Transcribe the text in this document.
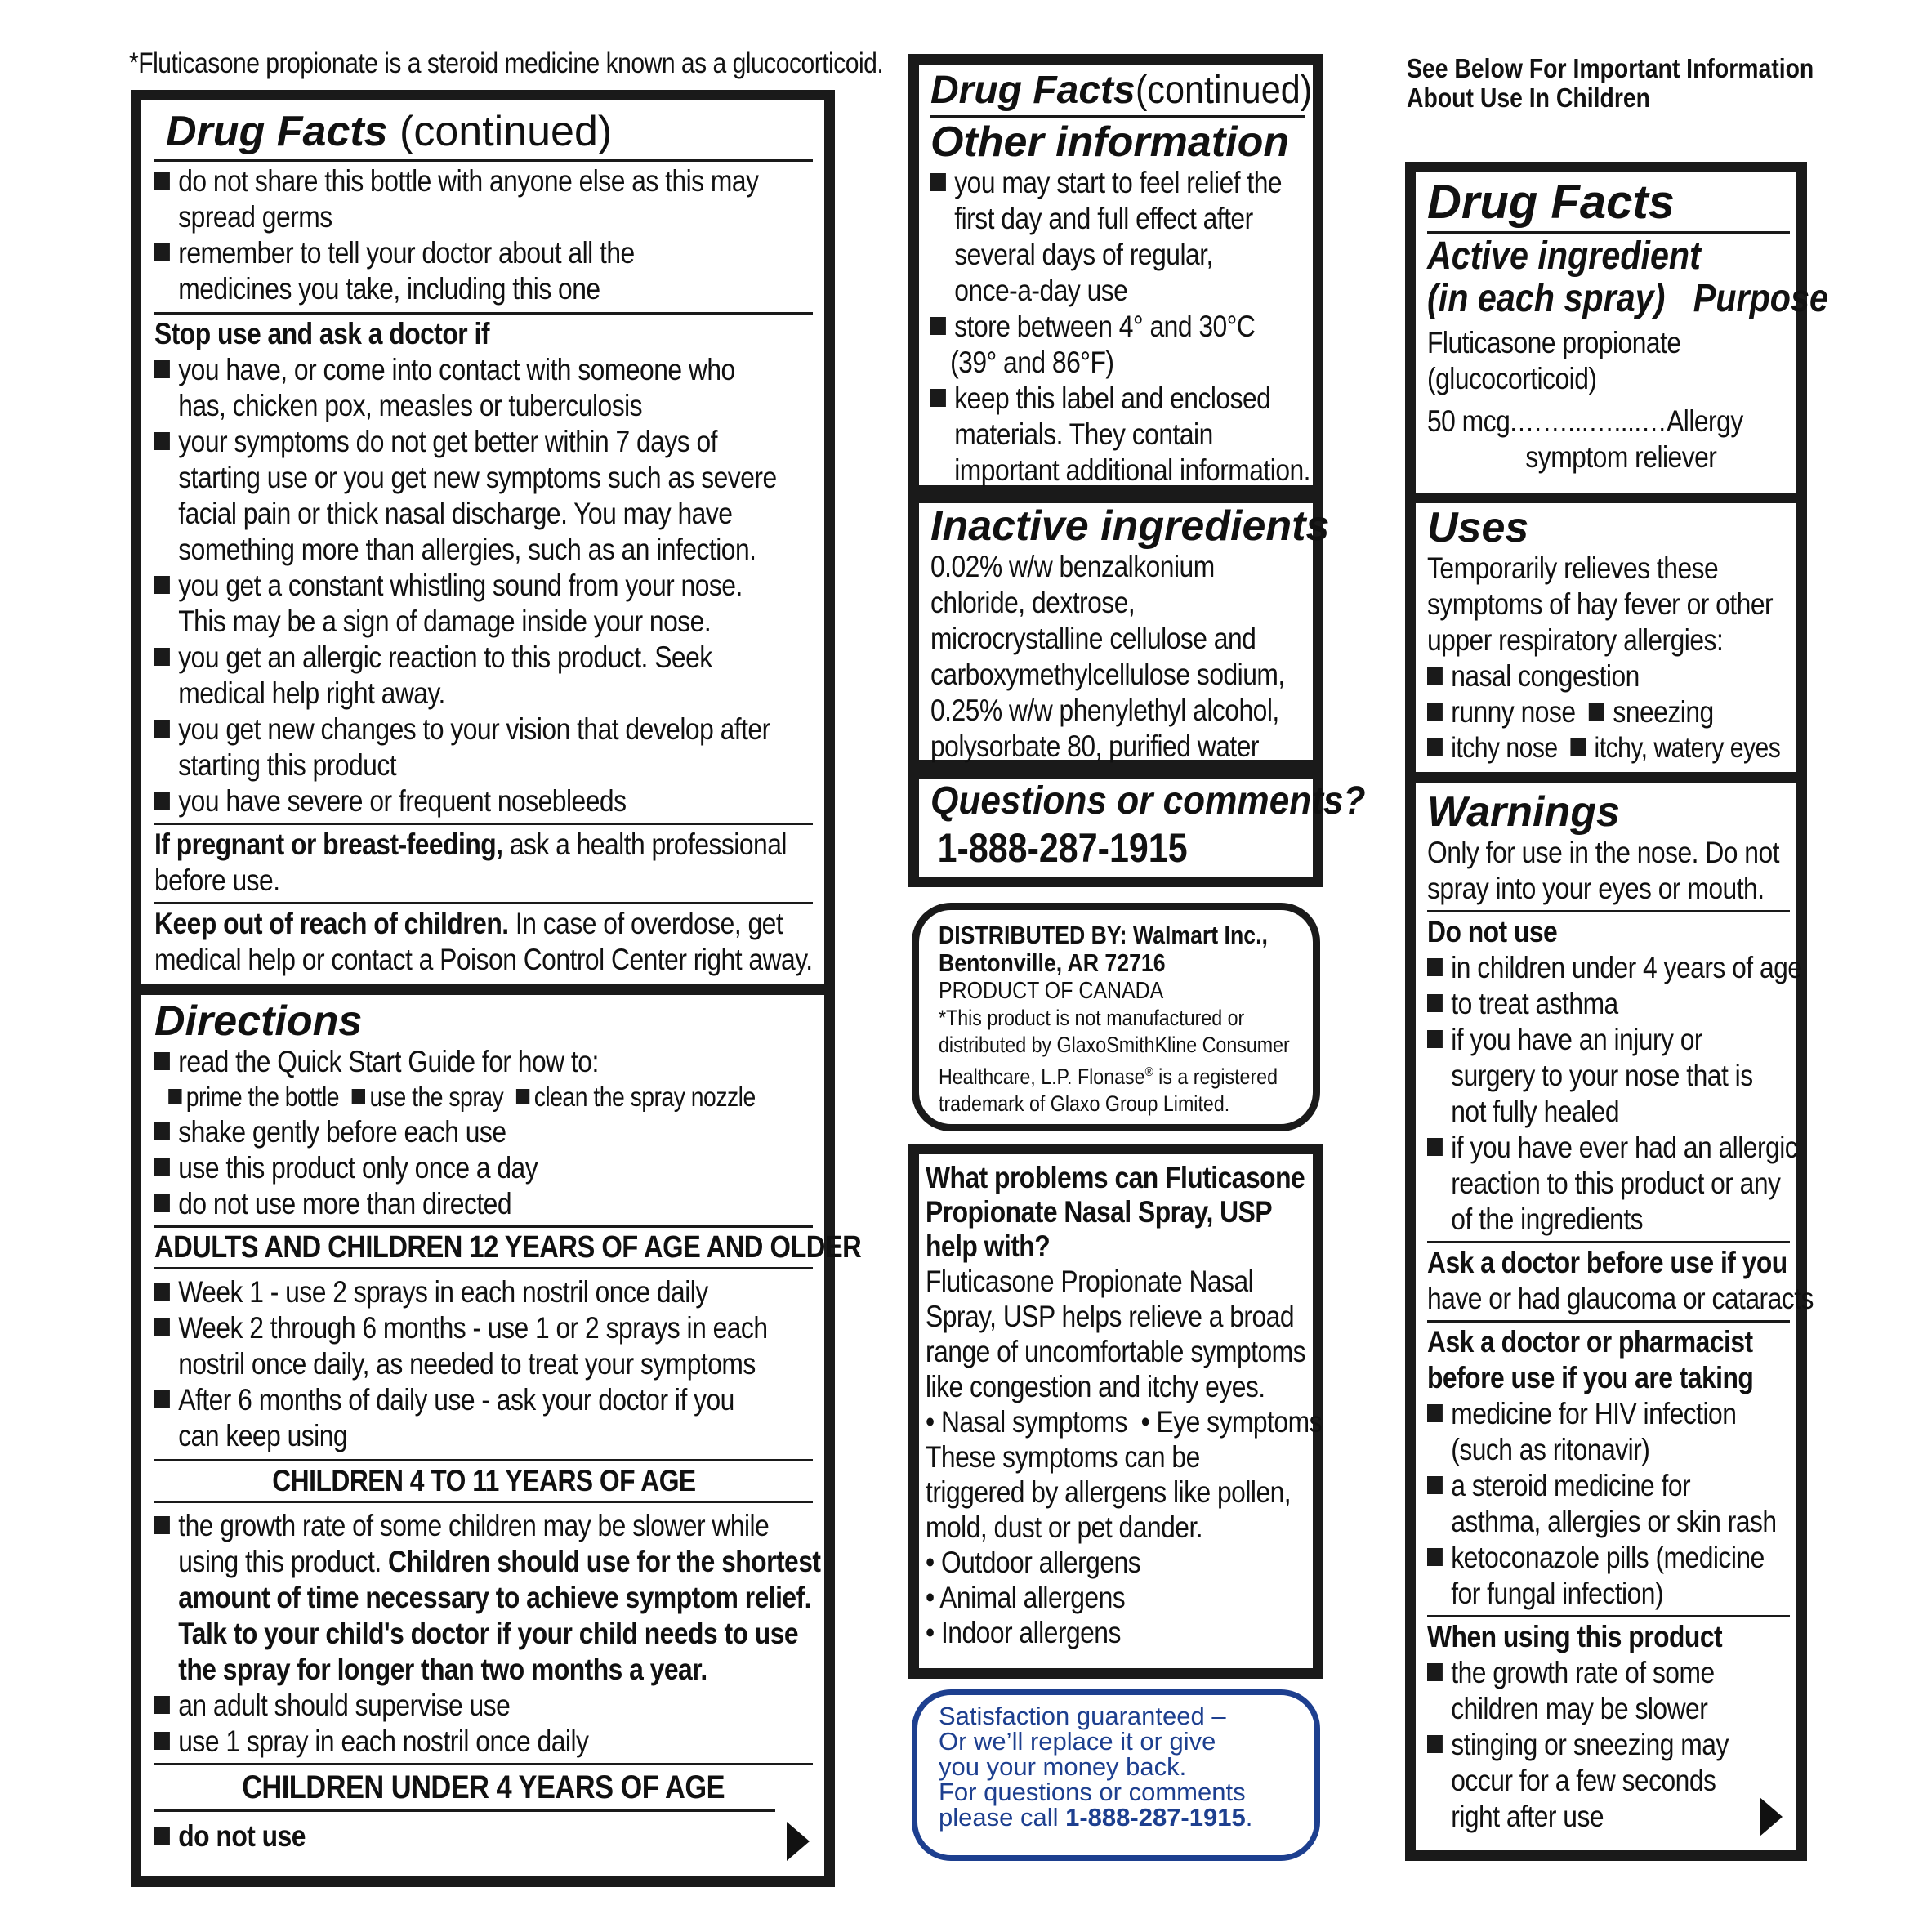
*Fluticasone propionate is a steroid medicine known as a glucocorticoid.	See Below For Important Information
About Use In Children
Drug Facts (continued)
do not share this bottle with anyone else as this may
spread germs
remember to tell your doctor about all the
medicines you take, including this one
Stop use and ask a doctor if
you have, or come into contact with someone who
has, chicken pox, measles or tuberculosis
your symptoms do not get better within 7 days of
starting use or you get new symptoms such as severe
facial pain or thick nasal discharge. You may have
something more than allergies, such as an infection.
you get a constant whistling sound from your nose.
This may be a sign of damage inside your nose.
you get an allergic reaction to this product. Seek
medical help right away.
you get new changes to your vision that develop after
starting this product
you have severe or frequent nosebleeds
If pregnant or breast-feeding, ask a health professional
before use.
Keep out of reach of children. In case of overdose, get
medical help or contact a Poison Control Center right away.
Directions
read the Quick Start Guide for how to:
prime the bottle use the spray clean the spray nozzle
shake gently before each use
use this product only once a day
do not use more than directed
ADULTS AND CHILDREN 12 YEARS OF AGE AND OLDER
Week 1 - use 2 sprays in each nostril once daily
Week 2 through 6 months - use 1 or 2 sprays in each
nostril once daily, as needed to treat your symptoms
After 6 months of daily use - ask your doctor if you
can keep using
CHILDREN 4 TO 11 YEARS OF AGE
the growth rate of some children may be slower while
using this product. Children should use for the shortest
amount of time necessary to achieve symptom relief.
Talk to your child's doctor if your child needs to use
the spray for longer than two months a year.
an adult should supervise use
use 1 spray in each nostril once daily
CHILDREN UNDER 4 YEARS OF AGE
do not use
Drug Facts(continued)
Other information
you may start to feel relief the
first day and full effect after
several days of regular,
once-a-day use
store between 4° and 30°C
(39° and 86°F)
keep this label and enclosed
materials. They contain
important additional information.
Inactive ingredients
0.02% w/w benzalkonium
chloride, dextrose,
microcrystalline cellulose and
carboxymethylcellulose sodium,
0.25% w/w phenylethyl alcohol,
polysorbate 80, purified water
Questions or comments?
1-888-287-1915
DISTRIBUTED BY: Walmart Inc.,
Bentonville, AR 72716
PRODUCT OF CANADA
*This product is not manufactured or
distributed by GlaxoSmithKline Consumer
Healthcare, L.P. Flonase® is a registered
trademark of Glaxo Group Limited.
What problems can Fluticasone
Propionate Nasal Spray, USP
help with?
Fluticasone Propionate Nasal
Spray, USP helps relieve a broad
range of uncomfortable symptoms
like congestion and itchy eyes.
• Nasal symptoms • Eye symptoms
These symptoms can be
triggered by allergens like pollen,
mold, dust or pet dander.
• Outdoor allergens
• Animal allergens
• Indoor allergens
Satisfaction guaranteed –
Or we’ll replace it or give
you your money back.
For questions or comments
please call 1-888-287-1915.
Drug Facts
Active ingredient
(in each spray) Purpose
Fluticasone propionate
(glucocorticoid)
50 mcg.……...…....…Allergy
symptom reliever
Uses
Temporarily relieves these
symptoms of hay fever or other
upper respiratory allergies:
nasal congestion
runny nose sneezing
itchy nose itchy, watery eyes
Warnings
Only for use in the nose. Do not
spray into your eyes or mouth.
Do not use
in children under 4 years of age
to treat asthma
if you have an injury or
surgery to your nose that is
not fully healed
if you have ever had an allergic
reaction to this product or any
of the ingredients
Ask a doctor before use if you
have or had glaucoma or cataracts
Ask a doctor or pharmacist
before use if you are taking
medicine for HIV infection
(such as ritonavir)
a steroid medicine for
asthma, allergies or skin rash
ketoconazole pills (medicine
for fungal infection)
When using this product
the growth rate of some
children may be slower
stinging or sneezing may
occur for a few seconds
right after use
